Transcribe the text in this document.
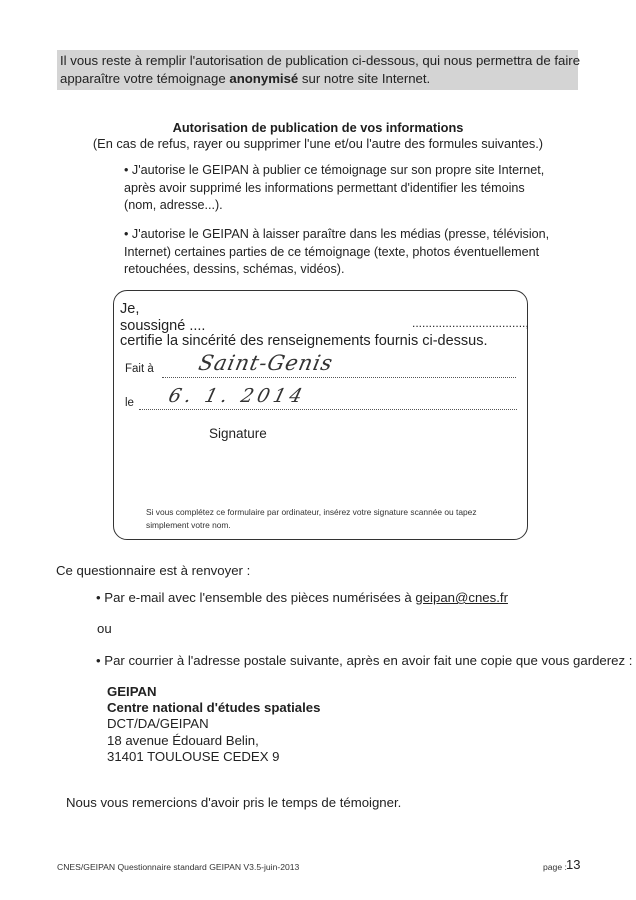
Il vous reste à remplir l'autorisation de publication ci-dessous, qui nous permettra de faire
apparaître votre témoignage anonymisé sur notre site Internet.
Autorisation de publication de vos informations
(En cas de refus, rayer ou supprimer l'une et/ou l'autre des formules suivantes.)
• J'autorise le GEIPAN à publier ce témoignage sur son propre site Internet,
après avoir supprimé les informations permettant d'identifier les témoins
(nom, adresse...).
• J'autorise le GEIPAN à laisser paraître dans les médias (presse, télévision,
Internet) certaines parties de ce témoignage (texte, photos éventuellement
retouchées, dessins, schémas, vidéos).
Je,
soussigné ....	..................................,
certifie la sincérité des renseignements fournis ci-dessus.
Fait à Saint-Genis
le 6. 1. 2014
Signature
Si vous complétez ce formulaire par ordinateur, insérez votre signature scannée ou tapez
simplement votre nom.
Ce questionnaire est à renvoyer :
• Par e-mail avec l'ensemble des pièces numérisées à geipan@cnes.fr
ou
• Par courrier à l'adresse postale suivante, après en avoir fait une copie que vous garderez :
GEIPAN
Centre national d'études spatiales
DCT/DA/GEIPAN
18 avenue Édouard Belin,
31401 TOULOUSE CEDEX 9
Nous vous remercions d'avoir pris le temps de témoigner.
CNES/GEIPAN Questionnaire standard GEIPAN V3.5-juin-2013	page : 13
